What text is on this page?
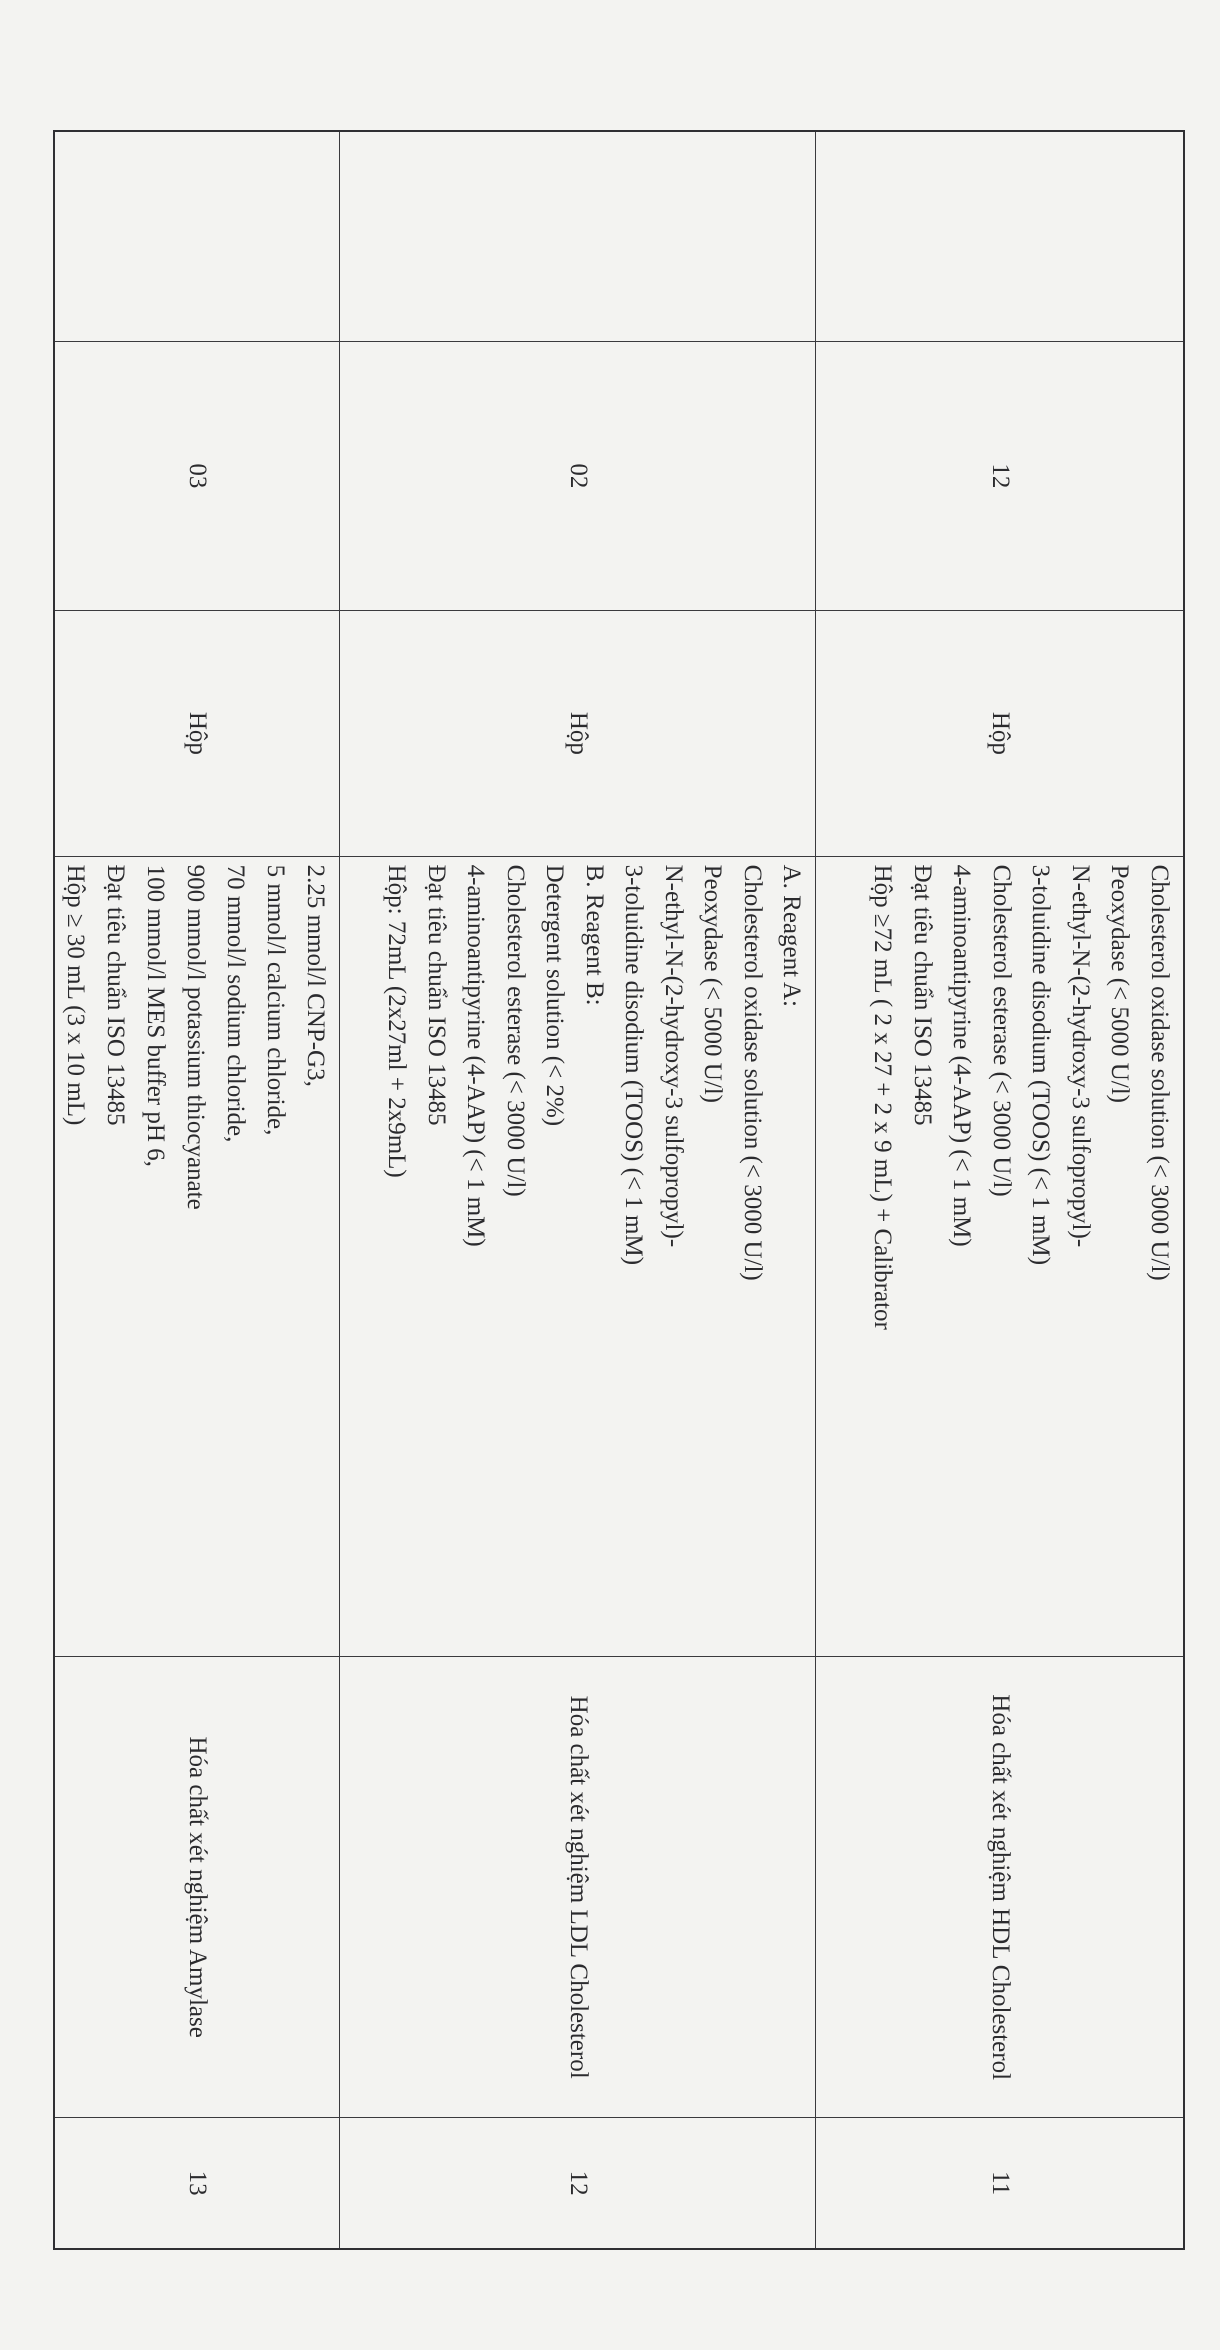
12
Hộp
Cholesterol oxidase solution (< 3000 U/l)
Peoxydase (< 5000 U/l)
N-ethyl-N-(2-hydroxy-3 sulfopropyl)-
3-toluidine disodium (TOOS) (< 1 mM)
Cholesterol esterase (< 3000 U/l)
4-aminoantipyrine (4-AAP) (< 1 mM)
Đạt tiêu chuẩn ISO 13485
Hộp ≥72 mL ( 2 x 27 + 2 x 9 mL) + Calibrator
Hóa chất xét nghiệm HDL Cholesterol
11
02
Hộp
A. Reagent A:
Cholesterol oxidase solution (< 3000 U/l)
Peoxydase (< 5000 U/l)
N-ethyl-N-(2-hydroxy-3 sulfopropyl)-
3-toluidine disodium (TOOS) (< 1 mM)
B. Reagent B:
Detergent solution (< 2%)
Cholesterol esterase (< 3000 U/l)
4-aminoantipyrine (4-AAP) (< 1 mM)
Đạt tiêu chuẩn ISO 13485
Hộp: 72mL (2x27ml + 2x9mL)
Hóa chất xét nghiệm LDL Cholesterol
12
03
Hộp
2.25 mmol/l CNP-G3,
5 mmol/l calcium chloride,
70 mmol/l sodium chloride,
900 mmol/l potassium thiocyanate
100 mmol/l MES buffer pH 6,
Đạt tiêu chuẩn ISO 13485
Hộp ≥ 30 mL (3 x 10 mL)
Hóa chất xét nghiệm Amylase
13
